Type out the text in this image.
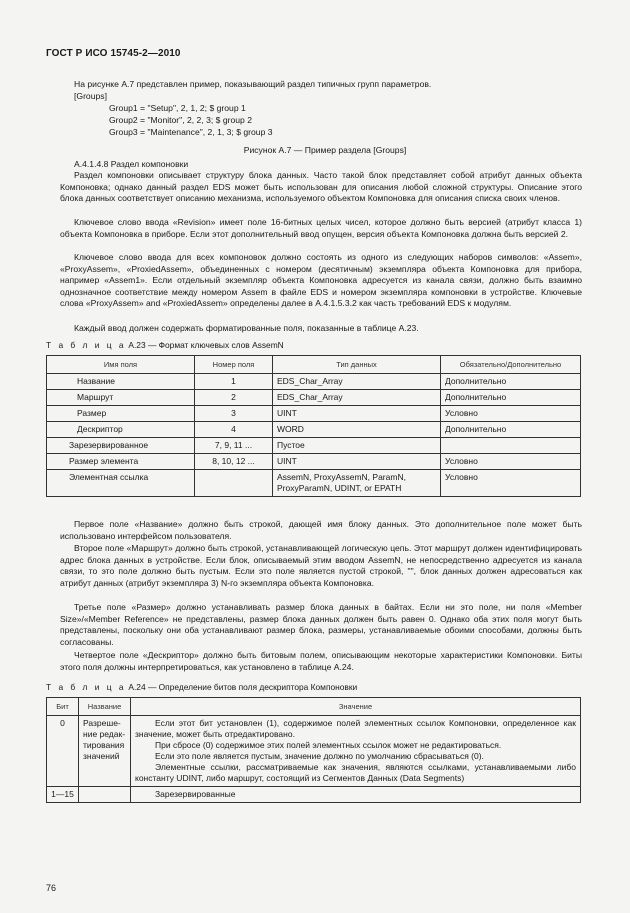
ГОСТ Р ИСО 15745-2—2010

На рисунке А.7 представлен пример, показывающий раздел типичных групп параметров.

[Groups]

Group1 = "Setup", 2, 1, 2; $ group 1

Group2 = "Monitor", 2, 2, 3; $ group 2

Group3 = "Maintenance", 2, 1, 3; $ group 3

Рисунок А.7 — Пример раздела [Groups]

А.4.1.4.8 Раздел компоновки

Раздел компоновки описывает структуру блока данных. Часто такой блок представляет собой атрибут данных объекта Компоновка; однако данный раздел EDS может быть использован для описания любой сложной структуры. Описание этого блока данных соответствует описанию механизма, используемого объектом Компоновка для описания списка своих членов.

Ключевое слово ввода «Revision» имеет поле 16-битных целых чисел, которое должно быть версией (атрибут класса 1) объекта Компоновка в приборе. Если этот дополнительный ввод опущен, версия объекта Компоновка должна быть версией 2.

Ключевое слово ввода для всех компоновок должно состоять из одного из следующих наборов символов: «Assem», «ProxyAssem», «ProxiedAssem», объединенных с номером (десятичным) экземпляра объекта Компоновка для прибора, например «Assem1». Если отдельный экземпляр объекта Компоновка адресуется из канала связи, должно быть взаимно однозначное соответствие между номером Assem в файле EDS и номером экземпляра компоновки в устройстве. Ключевые слова «ProxyAssem» and «ProxiedAssem» определены далее в А.4.1.5.3.2 как часть требований EDS к модулям.

Каждый ввод должен содержать форматированные поля, показанные в таблице А.23.

Т а б л и ц а А.23 — Формат ключевых слов AssemN
Имя поля	Номер поля	Тип данных	Обязательно/Дополнительно
Название	1	EDS_Char_Array	Дополнительно
Маршрут	2	EDS_Char_Array	Дополнительно
Размер	3	UINT	Условно
Дескриптор	4	WORD	Дополнительно
Зарезервированное	7, 9, 11 ...	Пустое	
Размер элемента	8, 10, 12 ...	UINT	Условно
Элементная ссылка		AssemN, ProxyAssemN, ParamN, ProxyParamN, UDINT, or EPATH	Условно

Первое поле «Название» должно быть строкой, дающей имя блоку данных. Это дополнительное поле может быть использовано интерфейсом пользователя.

Второе поле «Маршрут» должно быть строкой, устанавливающей логическую цепь. Этот маршрут должен идентифицировать адрес блока данных в устройстве. Если блок, описываемый этим вводом AssemN, не непосредственно адресуется из канала связи, то это поле должно быть пустым. Если это поле является пустой строкой, "", блок данных должен адресоваться как атрибут данных (атрибут экземпляра 3) N-го экземпляра объекта Компоновка.

Третье поле «Размер» должно устанавливать размер блока данных в байтах. Если ни это поле, ни поля «Member Size»/«Member Reference» не представлены, размер блока данных должен быть равен 0. Однако оба этих поля могут быть представлены, поскольку они оба устанавливают размер блока, размеры, устанавливаемые обоими способами, должны быть согласованы.

Четвертое поле «Дескриптор» должно быть битовым полем, описывающим некоторые характеристики Компоновки. Биты этого поля должны интерпретироваться, как установлено в таблице А.24.

Т а б л и ц а А.24 — Определение битов поля дескриптора Компоновки
Бит	Название	Значение
0	Разреше-ние редак-тирования значений	Если этот бит установлен (1), содержимое полей элементных ссылок Компоновки, определенное как значение, может быть отредактировано.

При сбросе (0) содержимое этих полей элементных ссылок может не редактироваться.

Если это поле является пустым, значение должно по умолчанию сбрасываться (0).

Элементные ссылки, рассматриваемые как значения, являются ссылками, устанавливаемыми либо константу UDINT, либо маршрут, состоящий из Сегментов Данных (Data Segments)

1—15		Зарезервированные

76
